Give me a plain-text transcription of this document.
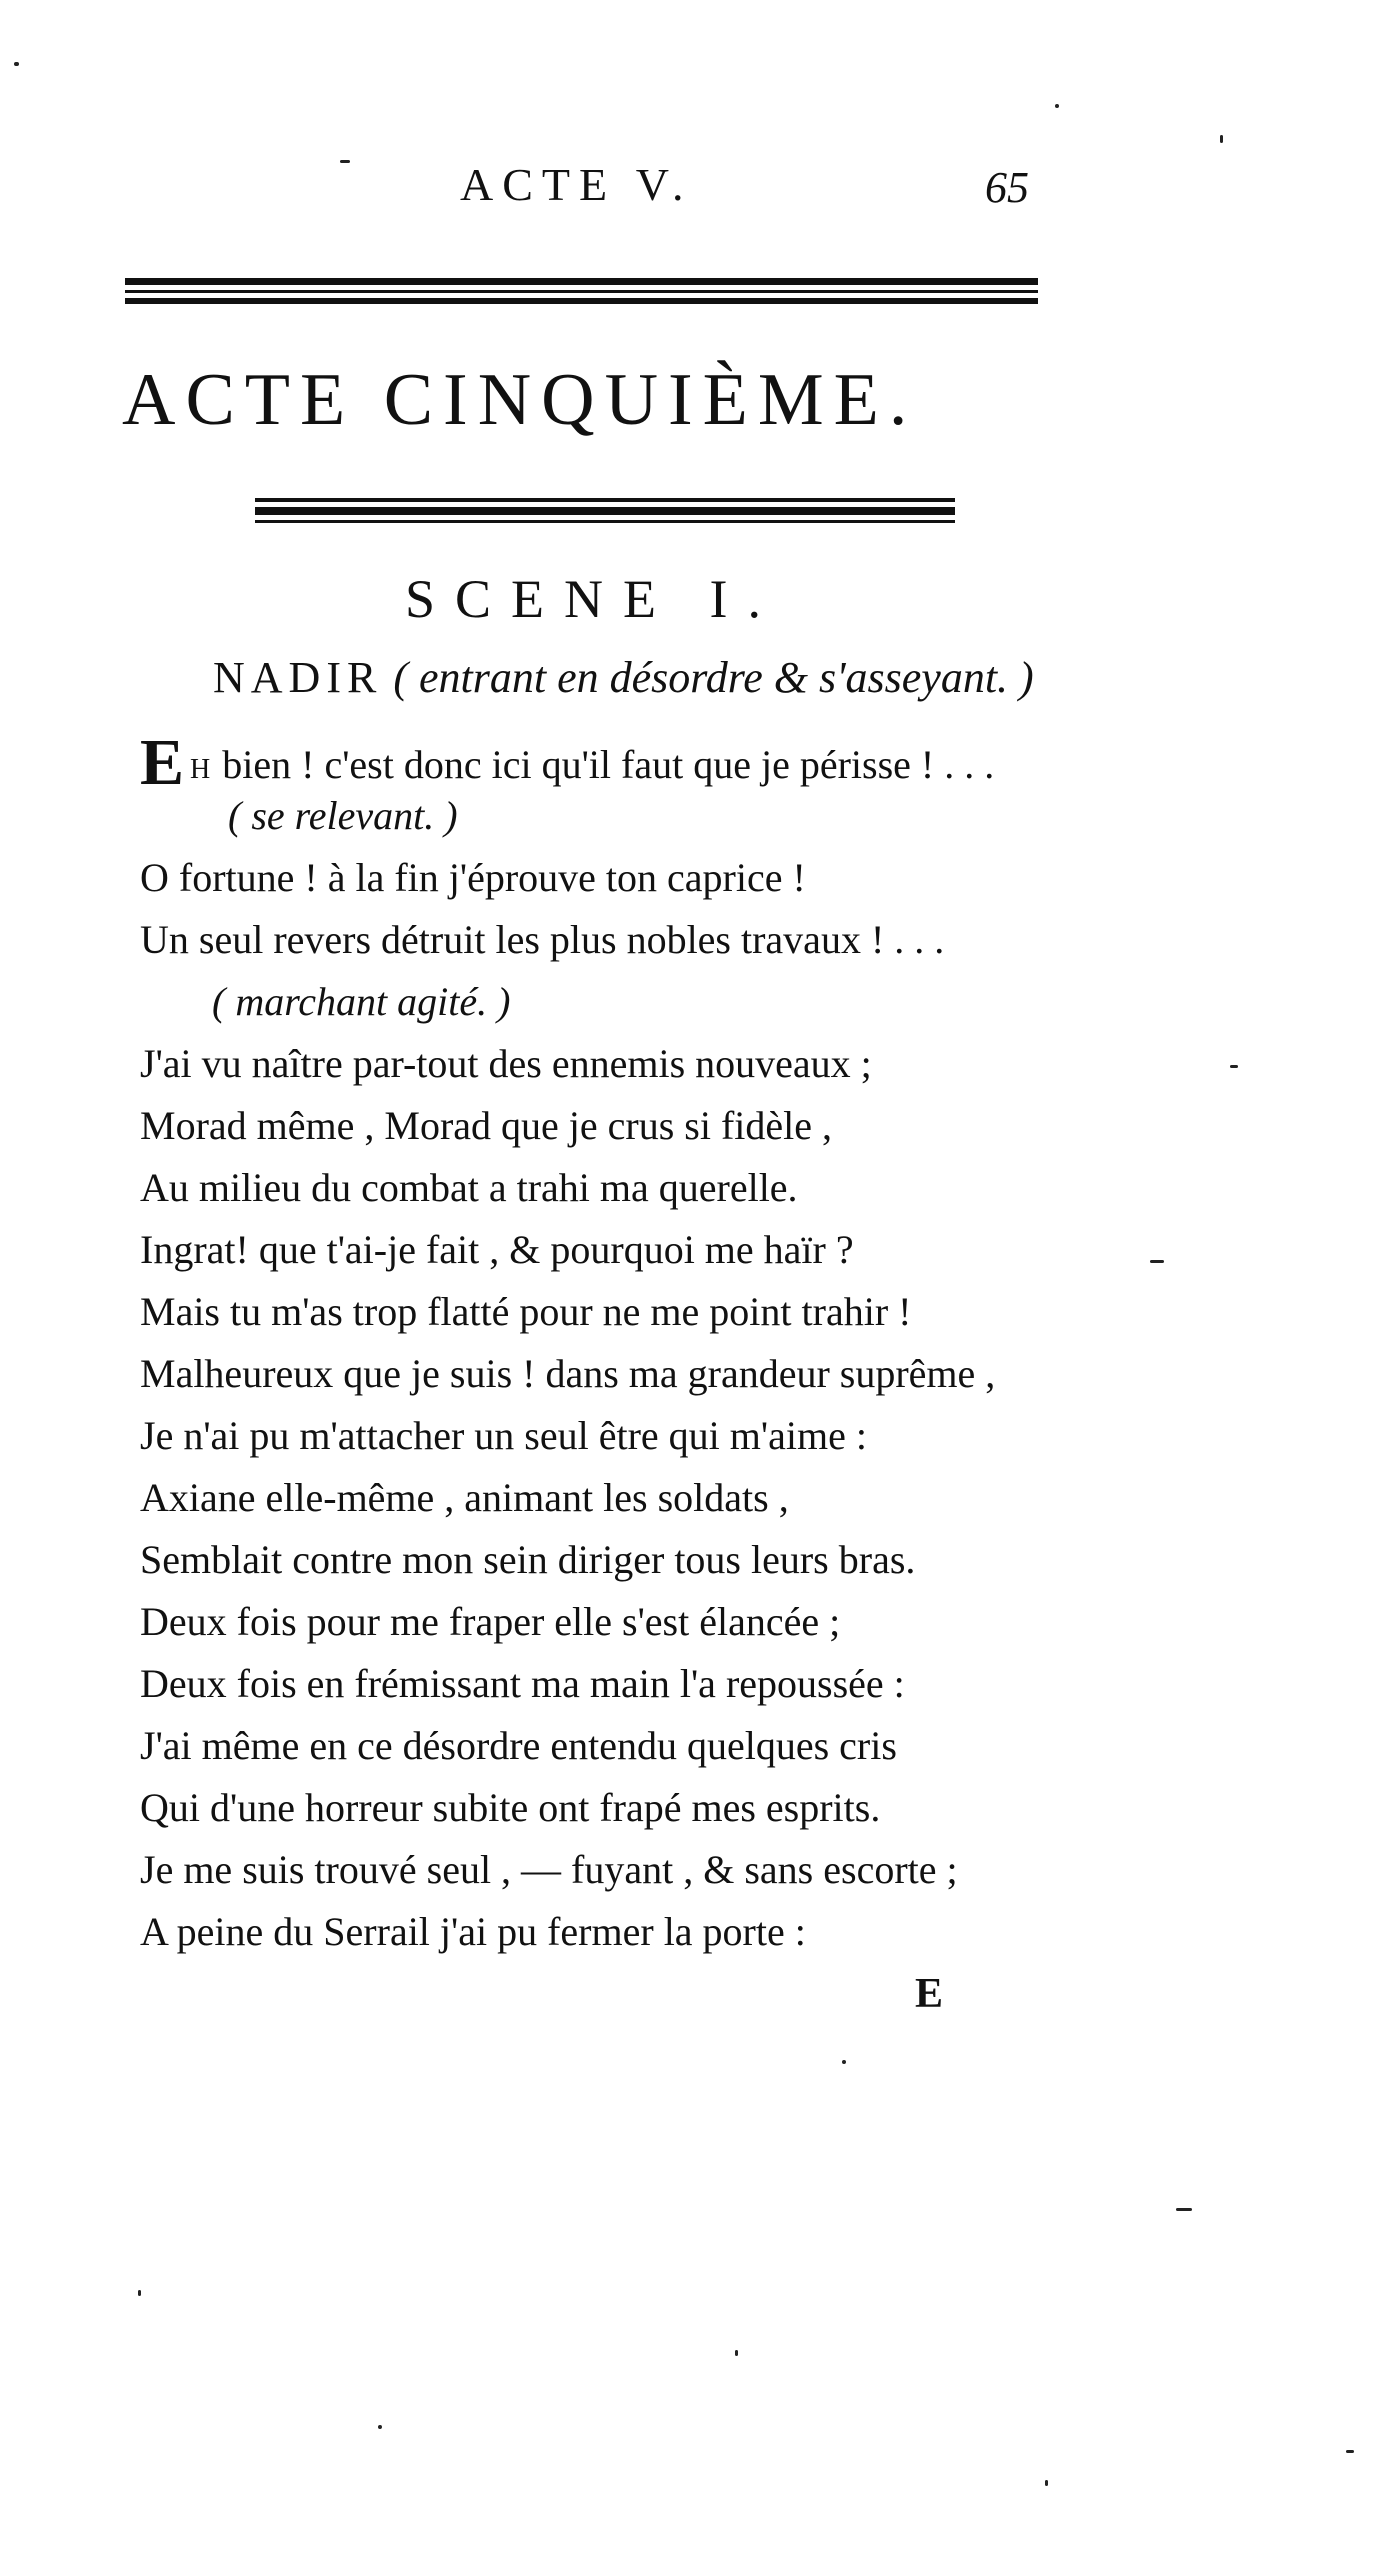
ACTE V.	65
ACTE CINQUIÈME.
SCENE I.
NADIR ( entrant en désordre & s'asseyant. )
E H bien ! c'est donc ici qu'il faut que je périsse ! . . .
( se relevant. )
O fortune ! à la fin j'éprouve ton caprice !
Un seul revers détruit les plus nobles travaux ! . . .
( marchant agité. )
J'ai vu naître par-tout des ennemis nouveaux ;
Morad même , Morad que je crus si fidèle ,
Au milieu du combat a trahi ma querelle.
Ingrat! que t'ai-je fait , & pourquoi me haïr ?
Mais tu m'as trop flatté pour ne me point trahir !
Malheureux que je suis ! dans ma grandeur suprême ,
Je n'ai pu m'attacher un seul être qui m'aime :
Axiane elle-même , animant les soldats ,
Semblait contre mon sein diriger tous leurs bras.
Deux fois pour me fraper elle s'est élancée ;
Deux fois en frémissant ma main l'a repoussée :
J'ai même en ce désordre entendu quelques cris
Qui d'une horreur subite ont frapé mes esprits.
Je me suis trouvé seul , — fuyant , & sans escorte ;
A peine du Serrail j'ai pu fermer la porte :
E
